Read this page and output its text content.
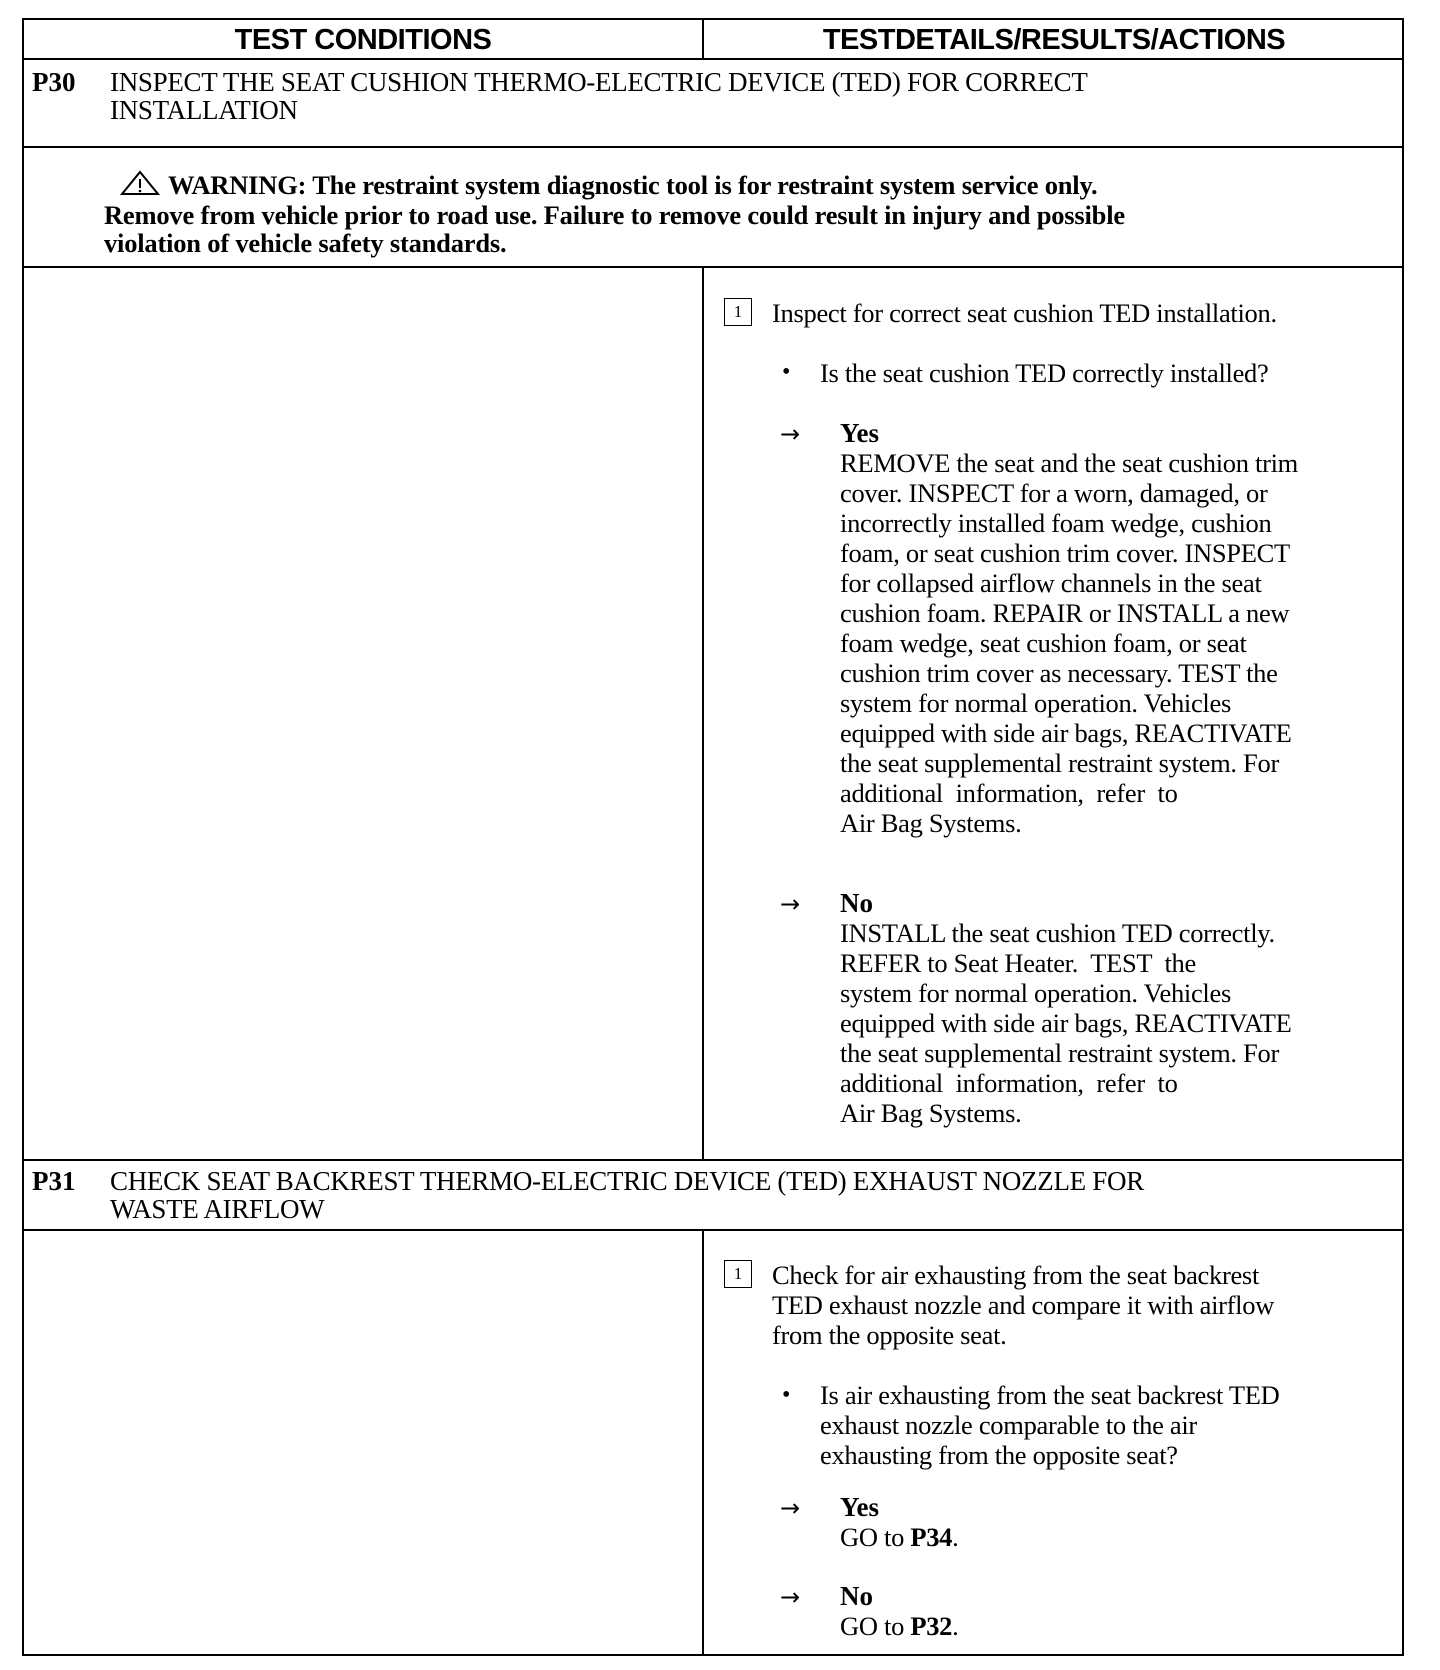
TEST CONDITIONS	TESTDETAILS/RESULTS/ACTIONS
P30 INSPECT THE SEAT CUSHION THERMO-ELECTRIC DEVICE (TED) FOR CORRECT
INSTALLATION
WARNING: The restraint system diagnostic tool is for restraint system service only.
Remove from vehicle prior to road use. Failure to remove could result in injury and possible
violation of vehicle safety standards.
1	Inspect for correct seat cushion TED installation.
• Is the seat cushion TED correctly installed?
→ Yes
REMOVE the seat and the seat cushion trim
cover. INSPECT for a worn, damaged, or
incorrectly installed foam wedge, cushion
foam, or seat cushion trim cover. INSPECT
for collapsed airflow channels in the seat
cushion foam. REPAIR or INSTALL a new
foam wedge, seat cushion foam, or seat
cushion trim cover as necessary. TEST the
system for normal operation. Vehicles
equipped with side air bags, REACTIVATE
the seat supplemental restraint system. For
additional  information,  refer  to
Air Bag Systems.
→ No
INSTALL the seat cushion TED correctly.
REFER to Seat Heater.  TEST  the
system for normal operation. Vehicles
equipped with side air bags, REACTIVATE
the seat supplemental restraint system. For
additional  information,  refer  to
Air Bag Systems.
P31 CHECK SEAT BACKREST THERMO-ELECTRIC DEVICE (TED) EXHAUST NOZZLE FOR
WASTE AIRFLOW
1	Check for air exhausting from the seat backrest
TED exhaust nozzle and compare it with airflow
from the opposite seat.
• Is air exhausting from the seat backrest TED
exhaust nozzle comparable to the air
exhausting from the opposite seat?
→ Yes
GO to P34.
→ No
GO to P32.
